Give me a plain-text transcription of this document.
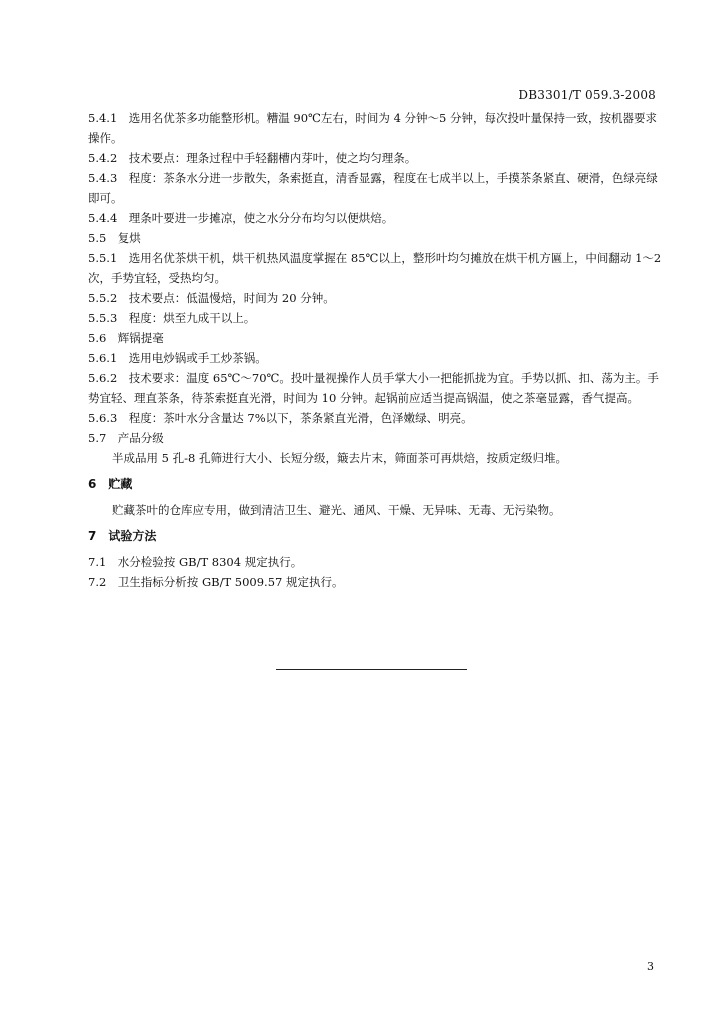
DB3301/T 059.3-2008

5.4.1　选用名优茶多功能整形机。糟温 90℃左右，时间为 4 分钟～5 分钟，每次投叶量保持一致，按机器要求操作。

5.4.2　技术要点：理条过程中手轻翻槽内芽叶，使之均匀理条。

5.4.3　程度：茶条水分进一步散失，条索挺直，清香显露，程度在七成半以上，手摸茶条紧直、硬滑，色绿亮绿即可。

5.4.4　理条叶要进一步摊凉，使之水分分布均匀以便烘焙。

5.5　复烘

5.5.1　选用名优茶烘干机，烘干机热风温度掌握在 85℃以上，整形叶均匀摊放在烘干机方匾上，中间翻动 1～2 次，手势宜轻，受热均匀。

5.5.2　技术要点：低温慢焙，时间为 20 分钟。

5.5.3　程度：烘至九成干以上。

5.6　辉锅提毫

5.6.1　选用电炒锅或手工炒茶锅。

5.6.2　技术要求：温度 65℃～70℃。投叶量视操作人员手掌大小一把能抓拢为宜。手势以抓、扣、荡为主。手势宜轻、理直茶条，待茶索挺直光滑，时间为 10 分钟。起锅前应适当提高锅温，使之茶毫显露，香气提高。

5.6.3　程度：茶叶水分含量达 7%以下，茶条紧直光滑，色泽嫩绿、明亮。

5.7　产品分级

半成品用 5 孔-8 孔筛进行大小、长短分级，簸去片末，筛面茶可再烘焙，按质定级归堆。

6　贮藏

贮藏茶叶的仓库应专用，做到清洁卫生、避光、通风、干燥、无异味、无毒、无污染物。

7　试验方法

7.1　水分检验按 GB/T 8304 规定执行。

7.2　卫生指标分析按 GB/T 5009.57 规定执行。

3
